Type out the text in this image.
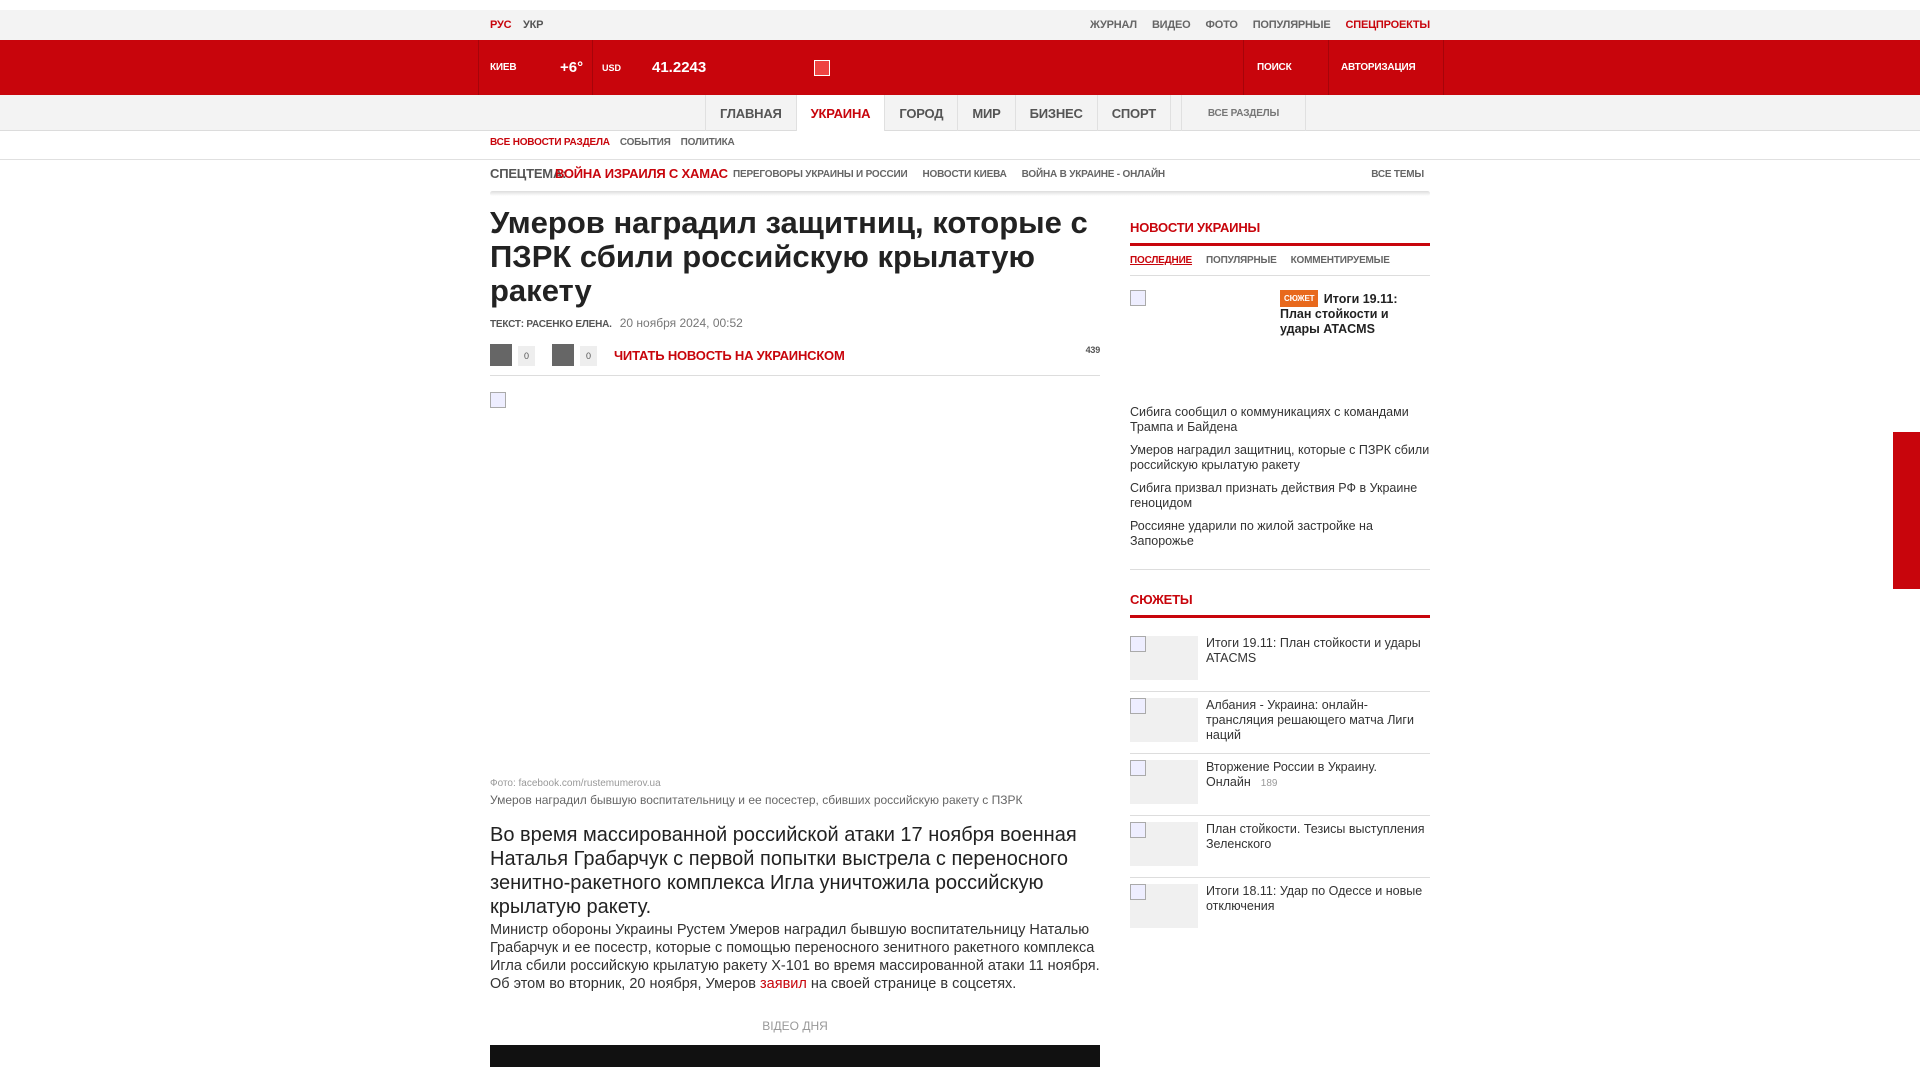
РУС УКР	ЖУРНАЛ ВИДЕО ФОТО ПОПУЛЯРНЫЕ СПЕЦПРОЕКТЫ
КИЕВ	+6° USD 41.2243	ПОИСК	АВТОРИЗАЦИЯ
ГЛАВНАЯ	УКРАИНА	ГОРОД	МИР	БИЗНЕС	СПОРТ	ВСЕ РАЗДЕЛЫ
ВСЕ НОВОСТИ РАЗДЕЛА СОБЫТИЯ ПОЛИТИКА
СПЕЦТЕМА:
ВОЙНА ИЗРАИЛЯ С ХАМАС ПЕРЕГОВОРЫ УКРАИНЫ И РОССИИ НОВОСТИ КИЕВА ВОЙНА В УКРАИНЕ - ОНЛАЙН	ВСЕ ТЕМЫ
Умеров наградил защитниц, которые с ПЗРК сбили российскую крылатую ракету
ТЕКСТ: РАСЕНКО ЕЛЕНА. 20 ноября 2024, 00:52
0	0	ЧИТАТЬ НОВОСТЬ НА УКРАИНСКОМ	439
Фото: facebook.com/rustemumerov.ua
Умеров наградил бывшую воспитательницу и ее посестер, сбивших российскую ракету с ПЗРК

Во время массированной российской атаки 17 ноября военная Наталья Грабарчук с первой попытки выстрела с переносного зенитно-ракетного комплекса Игла уничтожила российскую крылатую ракету.

Министр обороны Украины Рустем Умеров наградил бывшую воспитательницу Наталью Грабарчук и ее посестр, которые с помощью переносного зенитного ракетного комплекса Игла сбили российскую крылатую ракету Х-101 во время массированной атаки 11 ноября. Об этом во вторник, 20 ноября, Умеров заявил на своей странице в соцсетях.

ВІДЕО ДНЯ
НОВОСТИ УКРАИНЫ
ПОСЛЕДНИЕ ПОПУЛЯРНЫЕ КОММЕНТИРУЕМЫЕ
СЮЖЕТ Итоги 19.11: План стойкости и удары ATACMS
Сибига сообщил о коммуникациях с командами Трампа и Байдена
Умеров наградил защитниц, которые с ПЗРК сбили российскую крылатую ракету
Сибига призвал признать действия РФ в Украине геноцидом
Россияне ударили по жилой застройке на Запорожье
СЮЖЕТЫ
Итоги 19.11: План стойкости и удары ATACMS
Албания - Украина: онлайн-трансляция решающего матча Лиги наций
Вторжение России в Украину. Онлайн 189
План стойкости. Тезисы выступления Зеленского
Итоги 18.11: Удар по Одессе и новые отключения
